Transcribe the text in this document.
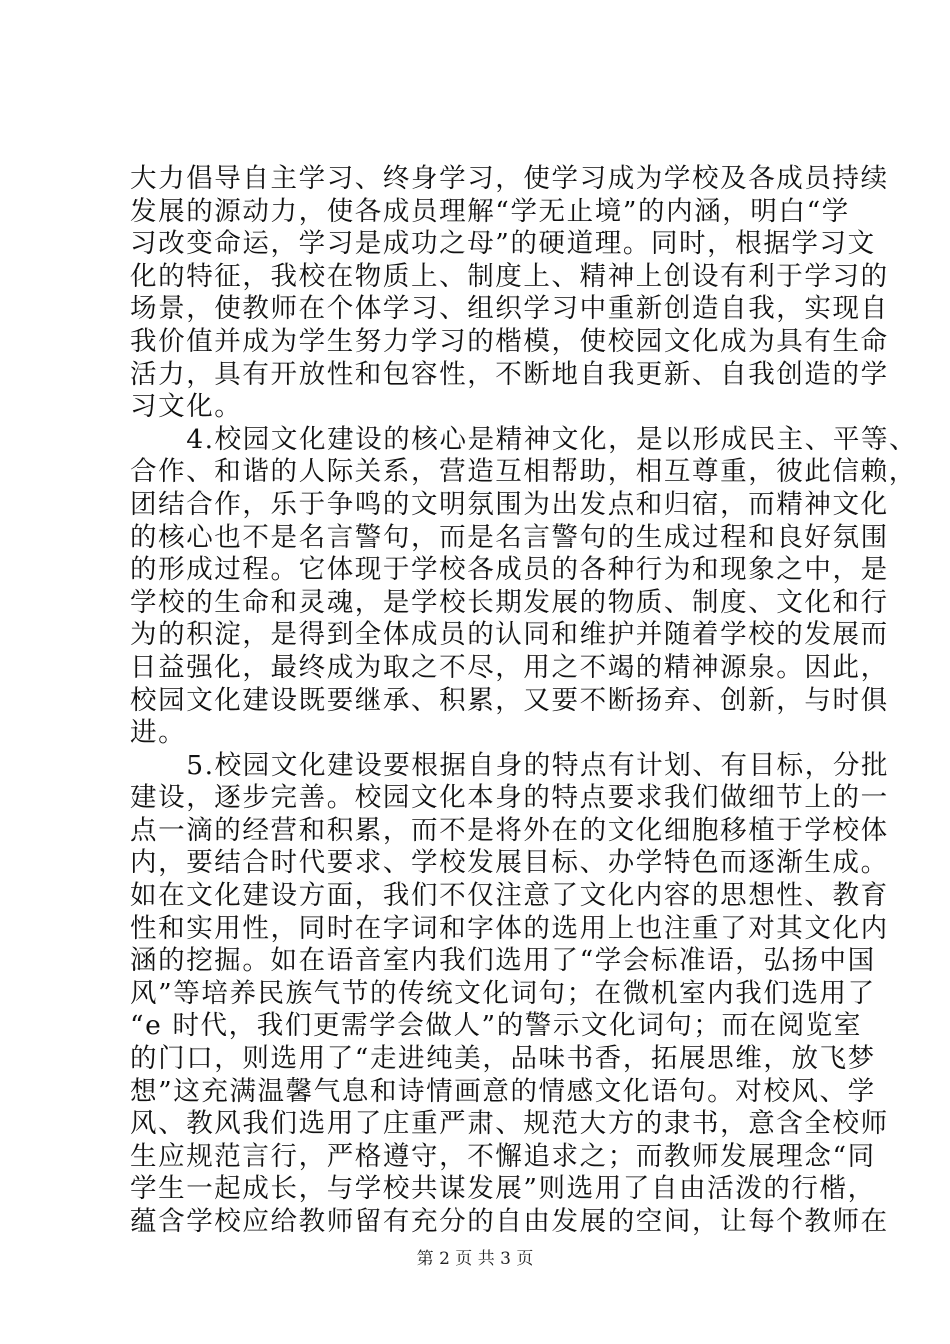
大力倡导自主学习、终身学习，使学习成为学校及各成员持续
发展的源动力，使各成员理解“学无止境”的内涵，明白“学
习改变命运，学习是成功之母”的硬道理。同时，根据学习文
化的特征，我校在物质上、制度上、精神上创设有利于学习的
场景，使教师在个体学习、组织学习中重新创造自我，实现自
我价值并成为学生努力学习的楷模，使校园文化成为具有生命
活力，具有开放性和包容性，不断地自我更新、自我创造的学
习文化。
　　4.校园文化建设的核心是精神文化，是以形成民主、平等、
合作、和谐的人际关系，营造互相帮助，相互尊重，彼此信赖，
团结合作，乐于争鸣的文明氛围为出发点和归宿，而精神文化
的核心也不是名言警句，而是名言警句的生成过程和良好氛围
的形成过程。它体现于学校各成员的各种行为和现象之中，是
学校的生命和灵魂，是学校长期发展的物质、制度、文化和行
为的积淀，是得到全体成员的认同和维护并随着学校的发展而
日益强化，最终成为取之不尽，用之不竭的精神源泉。因此，
校园文化建设既要继承、积累，又要不断扬弃、创新，与时俱
进。
　　5.校园文化建设要根据自身的特点有计划、有目标，分批
建设，逐步完善。校园文化本身的特点要求我们做细节上的一
点一滴的经营和积累，而不是将外在的文化细胞移植于学校体
内，要结合时代要求、学校发展目标、办学特色而逐渐生成。
如在文化建设方面，我们不仅注意了文化内容的思想性、教育
性和实用性，同时在字词和字体的选用上也注重了对其文化内
涵的挖掘。如在语音室内我们选用了“学会标准语，弘扬中国
风”等培养民族气节的传统文化词句；在微机室内我们选用了
“e 时代，我们更需学会做人”的警示文化词句；而在阅览室
的门口，则选用了“走进纯美，品味书香，拓展思维，放飞梦
想”这充满温馨气息和诗情画意的情感文化语句。对校风、学
风、教风我们选用了庄重严肃、规范大方的隶书，意含全校师
生应规范言行，严格遵守，不懈追求之；而教师发展理念“同
学生一起成长，与学校共谋发展”则选用了自由活泼的行楷，
蕴含学校应给教师留有充分的自由发展的空间，让每个教师在
第 2 页 共 3 页
